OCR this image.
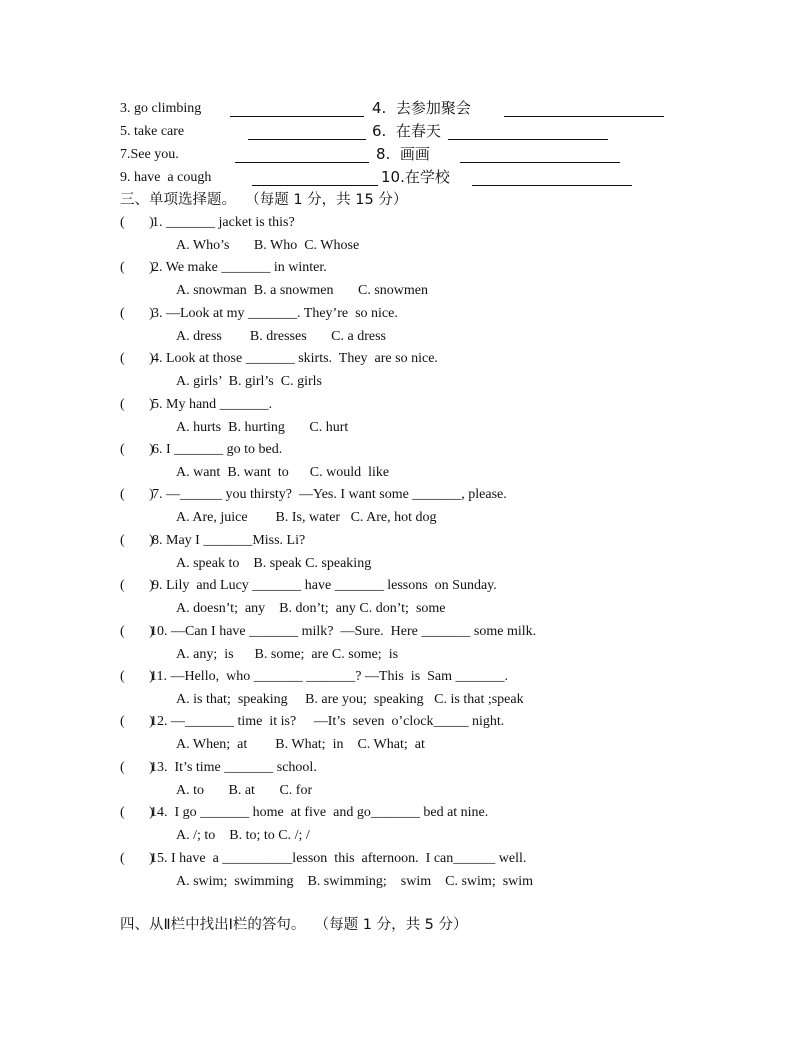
3. go climbing	4.  去参加聚会
5. take care	6.  在春天
7.See you.	8.  画画
9. have  a cough	10.在学校
三、单项选择题。  （每题 1 分，共 15 分）
(       )
1. _______ jacket is this?
A. Who’s       B. Who  C. Whose
(       )
2. We make _______ in winter.
A. snowman  B. a snowmen       C. snowmen
(       )
3. —Look at my _______. They’re  so nice.
A. dress        B. dresses       C. a dress
(       )
4. Look at those _______ skirts.  They  are so nice.
A. girls’  B. girl’s  C. girls
(       )
5. My hand _______.
A. hurts  B. hurting       C. hurt
(       )
6. I _______ go to bed.
A. want  B. want  to      C. would  like
(       )
7. —______ you thirsty?  —Yes. I want some _______, please.
A. Are, juice        B. Is, water   C. Are, hot dog
(       )
8. May I _______Miss. Li?
A. speak to    B. speak C. speaking
(       )
9. Lily  and Lucy _______ have _______ lessons  on Sunday.
A. doesn’t;  any    B. don’t;  any C. don’t;  some
(       )
10. —Can I have _______ milk?  —Sure.  Here _______ some milk.
A. any;  is      B. some;  are C. some;  is
(       )
11. —Hello,  who _______ _______? —This  is  Sam _______.
A. is that;  speaking     B. are you;  speaking   C. is that ;speak
(       )
12. —_______ time  it is?     —It’s  seven  o’clock_____ night.
A. When;  at        B. What;  in    C. What;  at
(       )
13.  It’s time _______ school.
A. to       B. at       C. for
(       )
14.  I go _______ home  at five  and go_______ bed at nine.
A. /; to    B. to; to C. /; /
(       )
15. I have  a __________lesson  this  afternoon.  I can______ well.
A. swim;  swimming    B. swimming;    swim    C. swim;  swim
四、从Ⅱ栏中找出Ⅰ栏的答句。  （每题 1 分，共 5 分）
